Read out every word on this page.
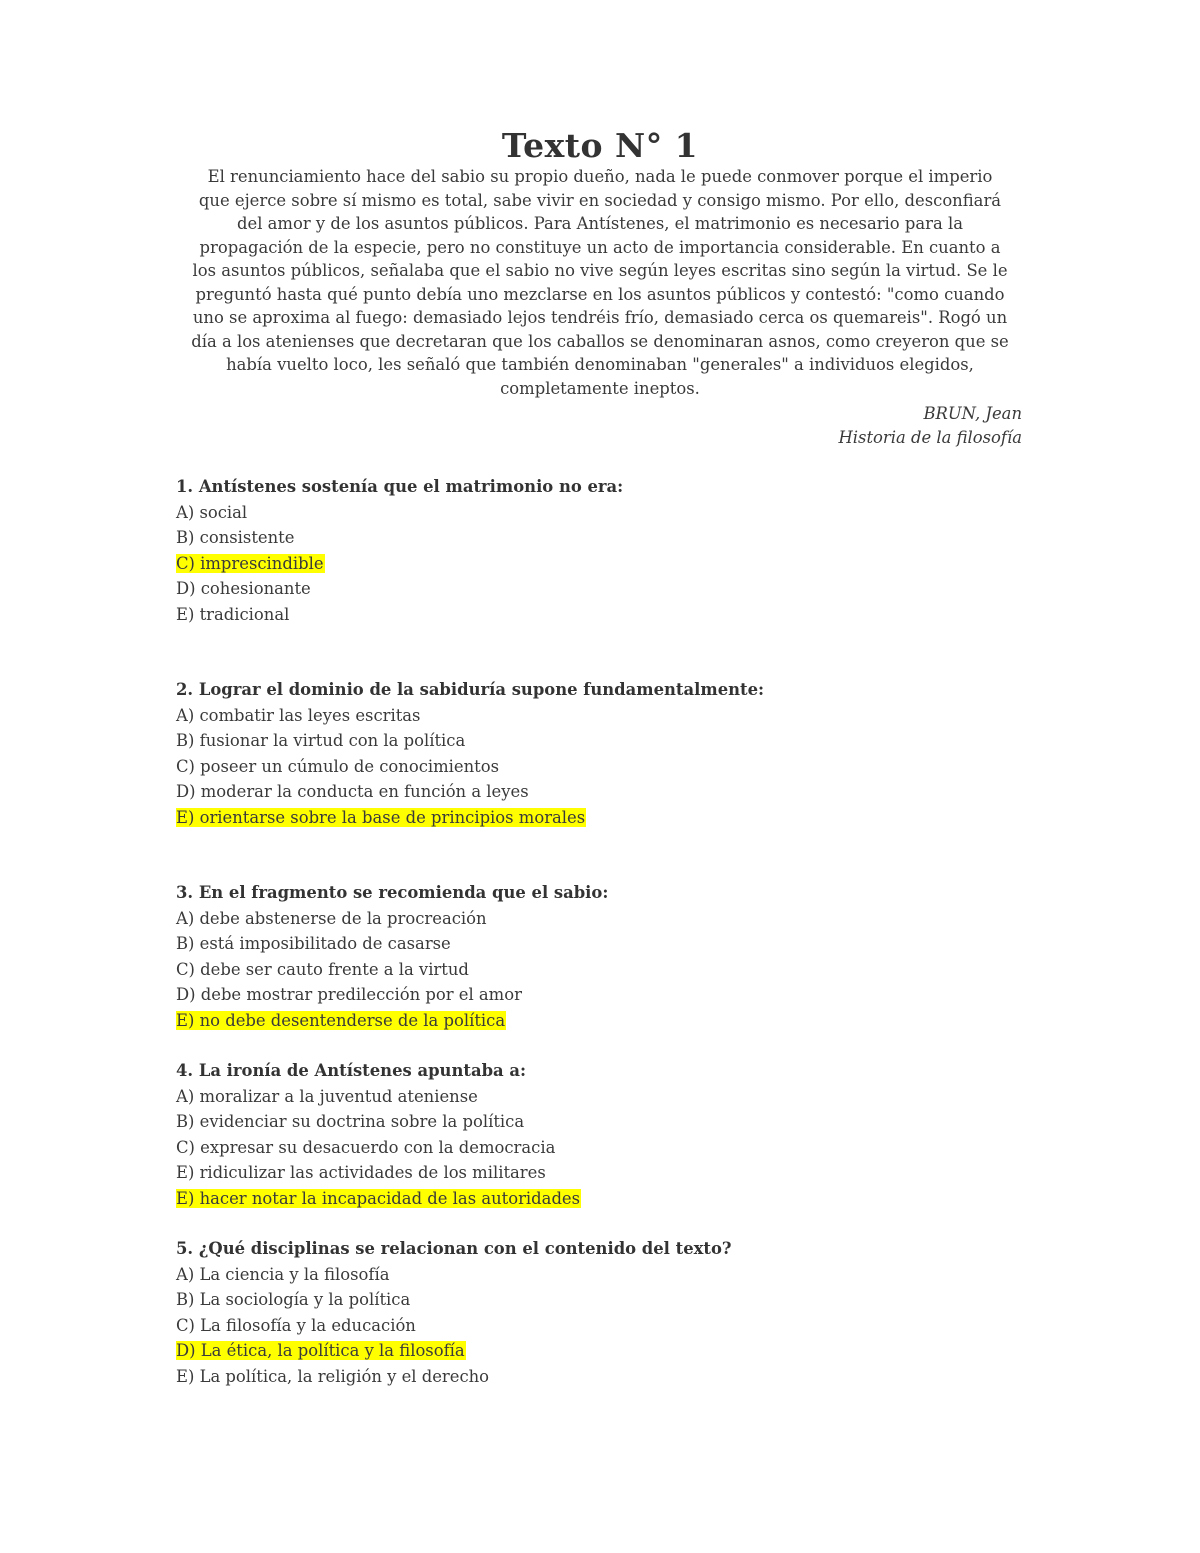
Texto N° 1
El renunciamiento hace del sabio su propio dueño, nada le puede conmover porque el imperio
que ejerce sobre sí mismo es total, sabe vivir en sociedad y consigo mismo. Por ello, desconfiará
del amor y de los asuntos públicos. Para Antístenes, el matrimonio es necesario para la
propagación de la especie, pero no constituye un acto de importancia considerable. En cuanto a
los asuntos públicos, señalaba que el sabio no vive según leyes escritas sino según la virtud. Se le
preguntó hasta qué punto debía uno mezclarse en los asuntos públicos y contestó: "como cuando
uno se aproxima al fuego: demasiado lejos tendréis frío, demasiado cerca os quemareis". Rogó un
día a los atenienses que decretaran que los caballos se denominaran asnos, como creyeron que se
había vuelto loco, les señaló que también denominaban "generales" a individuos elegidos,
completamente ineptos.
BRUN, Jean
Historia de la filosofía
1. Antístenes sostenía que el matrimonio no era:
A) social
B) consistente
C) imprescindible
D) cohesionante
E) tradicional
2. Lograr el dominio de la sabiduría supone fundamentalmente:
A) combatir las leyes escritas
B) fusionar la virtud con la política
C) poseer un cúmulo de conocimientos
D) moderar la conducta en función a leyes
E) orientarse sobre la base de principios morales
3. En el fragmento se recomienda que el sabio:
A) debe abstenerse de la procreación
B) está imposibilitado de casarse
C) debe ser cauto frente a la virtud
D) debe mostrar predilección por el amor
E) no debe desentenderse de la política
4. La ironía de Antístenes apuntaba a:
A) moralizar a la juventud ateniense
B) evidenciar su doctrina sobre la política
C) expresar su desacuerdo con la democracia
E) ridiculizar las actividades de los militares
E) hacer notar la incapacidad de las autoridades
5. ¿Qué disciplinas se relacionan con el contenido del texto?
A) La ciencia y la filosofía
B) La sociología y la política
C) La filosofía y la educación
D) La ética, la política y la filosofía
E) La política, la religión y el derecho
